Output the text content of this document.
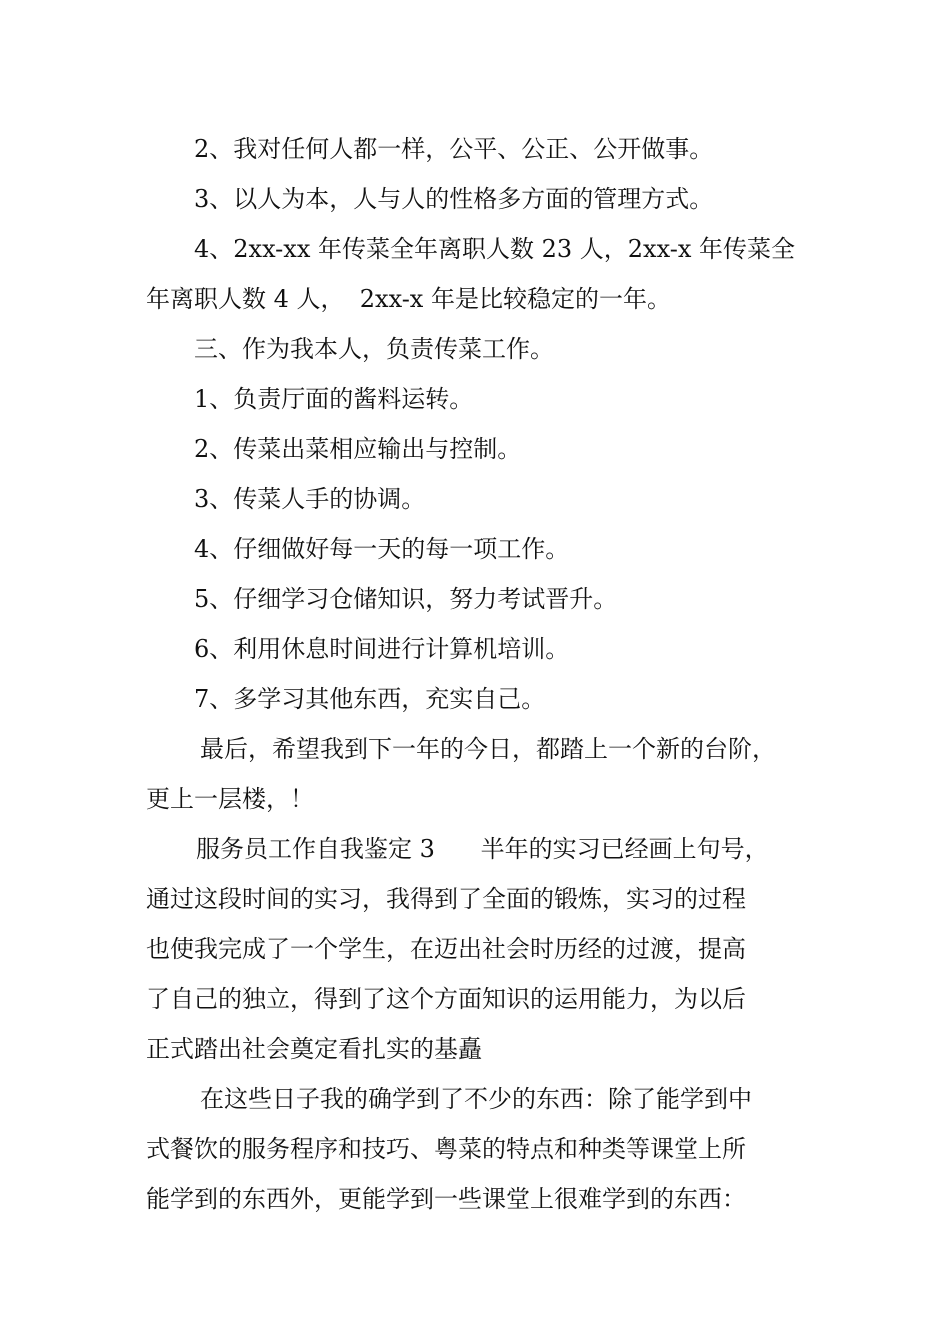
2、我对任何人都一样，公平、公正、公开做事。
3、以人为本，人与人的性格多方面的管理方式。
4、2xx-xx 年传菜全年离职人数 23 人，2xx-x 年传菜全
年离职人数 4 人，  2xx-x 年是比较稳定的一年。
三、作为我本人，负责传菜工作。
1、负责厅面的酱料运转。
2、传菜出菜相应输出与控制。
3、传菜人手的协调。
4、仔细做好每一天的每一项工作。
5、仔细学习仓储知识，努力考试晋升。
6、利用休息时间进行计算机培训。
7、多学习其他东西，充实自己。
最后，希望我到下一年的今日，都踏上一个新的台阶，
更上一层楼，！
服务员工作自我鉴定 3      半年的实习已经画上句号，
通过这段时间的实习，我得到了全面的锻炼，实习的过程
也使我完成了一个学生，在迈出社会时历经的过渡，提高
了自己的独立，得到了这个方面知识的运用能力，为以后
正式踏出社会奠定看扎实的基矗
在这些日子我的确学到了不少的东西：除了能学到中
式餐饮的服务程序和技巧、粤菜的特点和种类等课堂上所
能学到的东西外，更能学到一些课堂上很难学到的东西：
